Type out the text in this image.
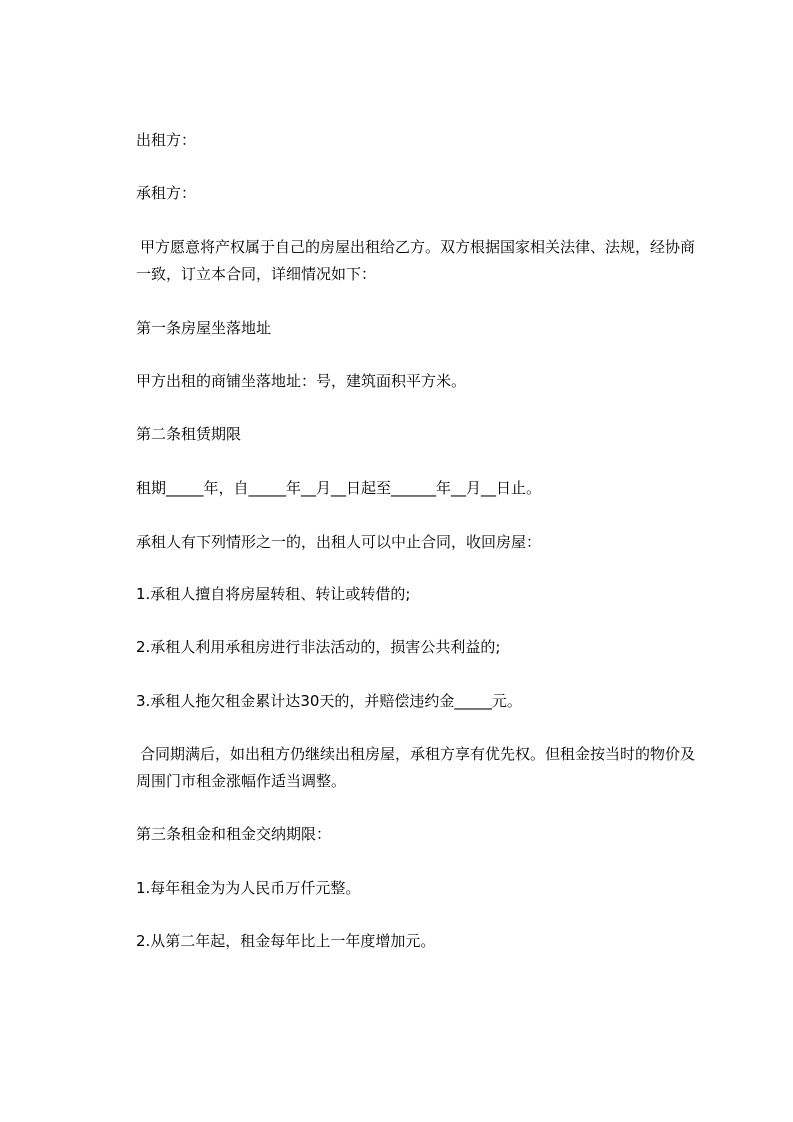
出租方：

承租方：

甲方愿意将产权属于自己的房屋出租给乙方。双方根据国家相关法律、法规，经协商一致，订立本合同，详细情况如下：

第一条房屋坐落地址

甲方出租的商铺坐落地址：号，建筑面积平方米。

第二条租赁期限

租期_____年，自_____年__月__日起至______年__月__日止。

承租人有下列情形之一的，出租人可以中止合同，收回房屋：

1.承租人擅自将房屋转租、转让或转借的;

2.承租人利用承租房进行非法活动的，损害公共利益的;

3.承租人拖欠租金累计达30天的，并赔偿违约金_____元。

合同期满后，如出租方仍继续出租房屋，承租方享有优先权。但租金按当时的物价及周围门市租金涨幅作适当调整。

第三条租金和租金交纳期限：

1.每年租金为为人民币万仟元整。

2.从第二年起，租金每年比上一年度增加元。
